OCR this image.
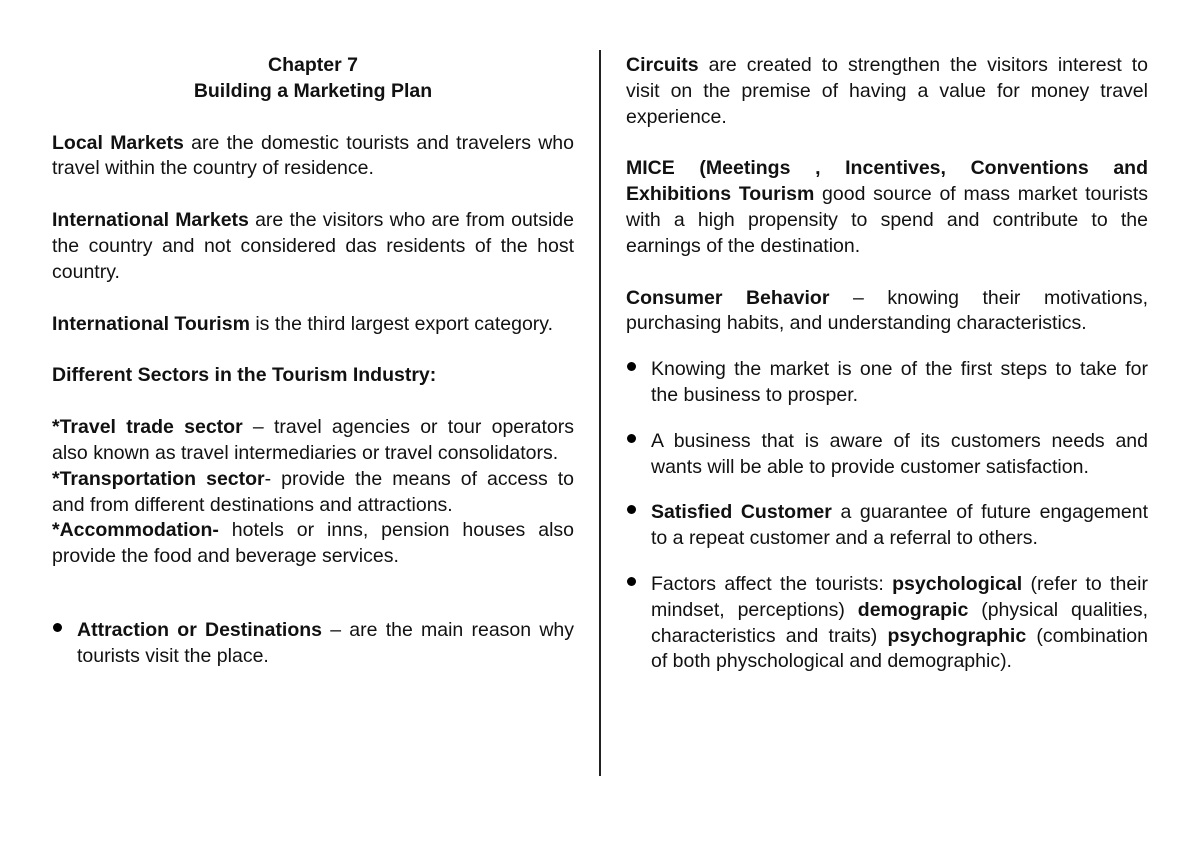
Chapter 7

Building a Marketing Plan

Local Markets are the domestic tourists and travelers who travel within the country of residence.

International Markets are the visitors who are from outside the country and not considered das residents of the host country.

International Tourism is the third largest export category.

Different Sectors in the Tourism Industry:

*Travel trade sector – travel agencies or tour operators also known as travel intermediaries or travel consolidators.

*Transportation sector- provide the means of access to and from different destinations and attractions.

*Accommodation- hotels or inns, pension houses also provide the food and beverage services.

Attraction or Destinations – are the main reason why tourists visit the place.

Circuits are created to strengthen the visitors interest to visit on the premise of having a value for money travel experience.

MICE (Meetings , Incentives, Conventions and Exhibitions Tourism good source of mass market tourists with a high propensity to spend and contribute to the earnings of the destination.

Consumer Behavior – knowing their motivations, purchasing habits, and understanding characteristics.

Knowing the market is one of the first steps to take for the business to prosper.

A business that is aware of its customers needs and wants will be able to provide customer satisfaction.

Satisfied Customer a guarantee of future engagement to a repeat customer and a referral to others.

Factors affect the tourists: psychological (refer to their mindset, perceptions) demograpic (physical qualities, characteristics and traits) psychographic (combination of both physchological and demographic).
